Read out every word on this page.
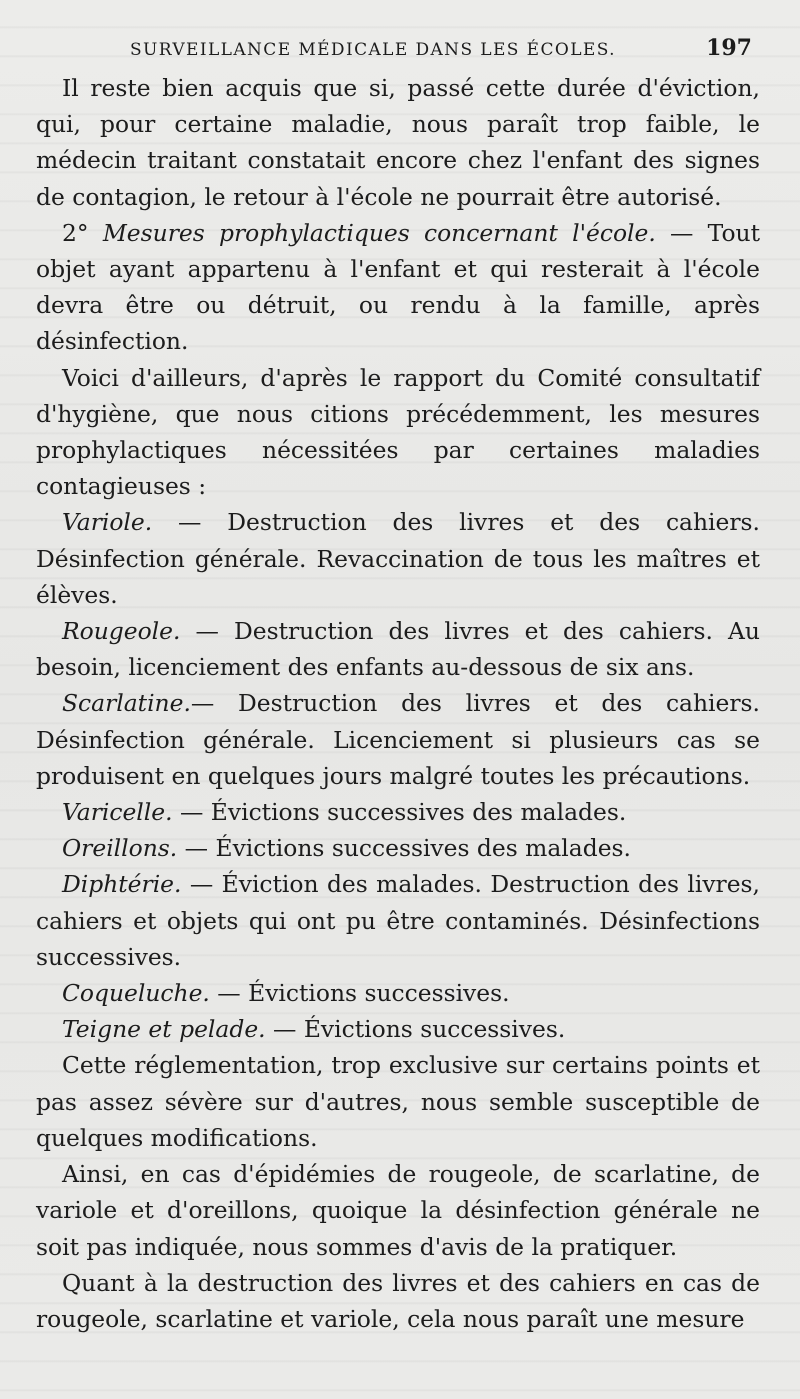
SURVEILLANCE MÉDICALE DANS LES ÉCOLES.	197

Il reste bien acquis que si, passé cette durée d'éviction, qui, pour certaine maladie, nous paraît trop faible, le médecin traitant constatait encore chez l'enfant des signes de contagion, le retour à l'école ne pourrait être autorisé.

2° Mesures prophylactiques concernant l'école. — Tout objet ayant appartenu à l'enfant et qui resterait à l'école devra être ou détruit, ou rendu à la famille, après désinfection.

Voici d'ailleurs, d'après le rapport du Comité consultatif d'hygiène, que nous citions précédemment, les mesures prophylactiques nécessitées par certaines maladies contagieuses :

Variole. — Destruction des livres et des cahiers. Désinfection générale. Revaccination de tous les maîtres et élèves.

Rougeole. — Destruction des livres et des cahiers. Au besoin, licenciement des enfants au-dessous de six ans.

Scarlatine.— Destruction des livres et des cahiers. Désinfection générale. Licenciement si plusieurs cas se produisent en quelques jours malgré toutes les précautions.

Varicelle. — Évictions successives des malades.

Oreillons. — Évictions successives des malades.

Diphtérie. — Éviction des malades. Destruction des livres, cahiers et objets qui ont pu être contaminés. Désinfections successives.

Coqueluche. — Évictions successives.

Teigne et pelade. — Évictions successives.

Cette réglementation, trop exclusive sur certains points et pas assez sévère sur d'autres, nous semble susceptible de quelques modifications.

Ainsi, en cas d'épidémies de rougeole, de scarlatine, de variole et d'oreillons, quoique la désinfection générale ne soit pas indiquée, nous sommes d'avis de la pratiquer.

Quant à la destruction des livres et des cahiers en cas de rougeole, scarlatine et variole, cela nous paraît une mesure
